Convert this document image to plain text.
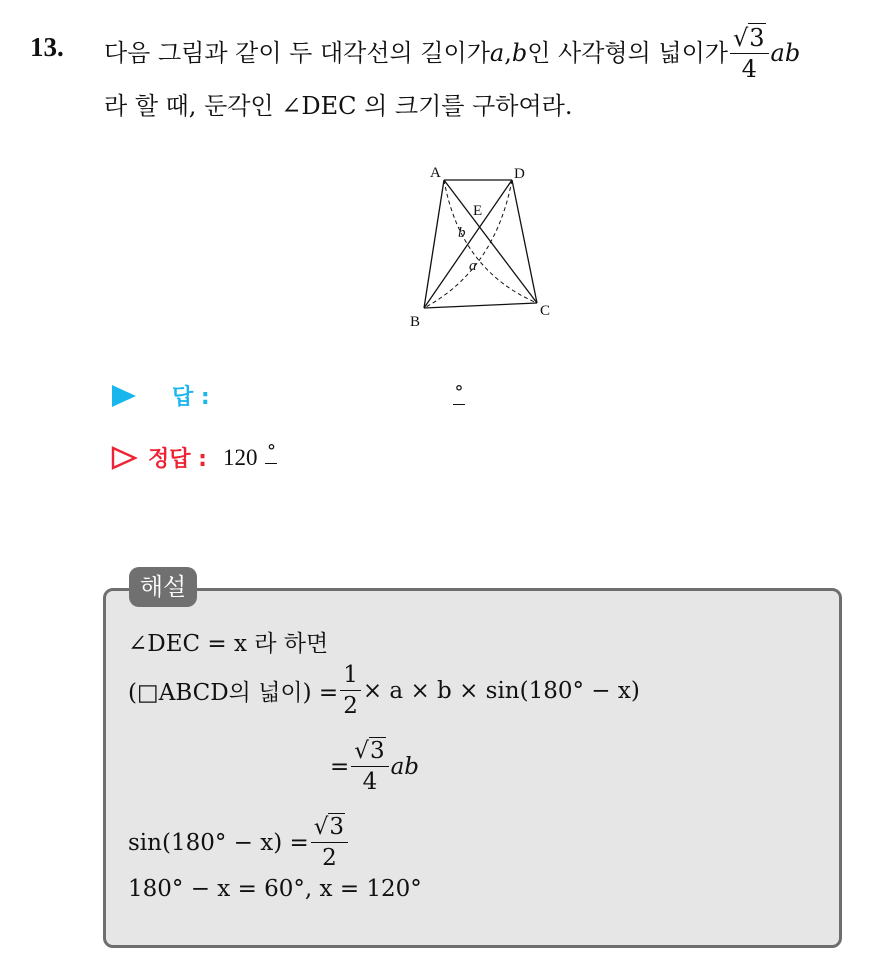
13. 다음 그림과 같이 두 대각선의 길이가 a , b 인 사각형의 넓이가 $\frac{√3}{4}$ ab
라 할 때, 둔각인 ∠DEC 의 크기를 구하여라.
A	D
E
B
C
b
a
답 :	°
정답 : 120 °
해설
∠DEC = x 라 하면
(□ABCD의 넓이) = $\frac{1}{2} \times a \times b \times \sin(180^\circ - x)$
= $\frac{√3}{4}$ ab
$\sin(180^\circ - x) = \frac{√3}{2}$
180° − x = 60°, x = 120°
